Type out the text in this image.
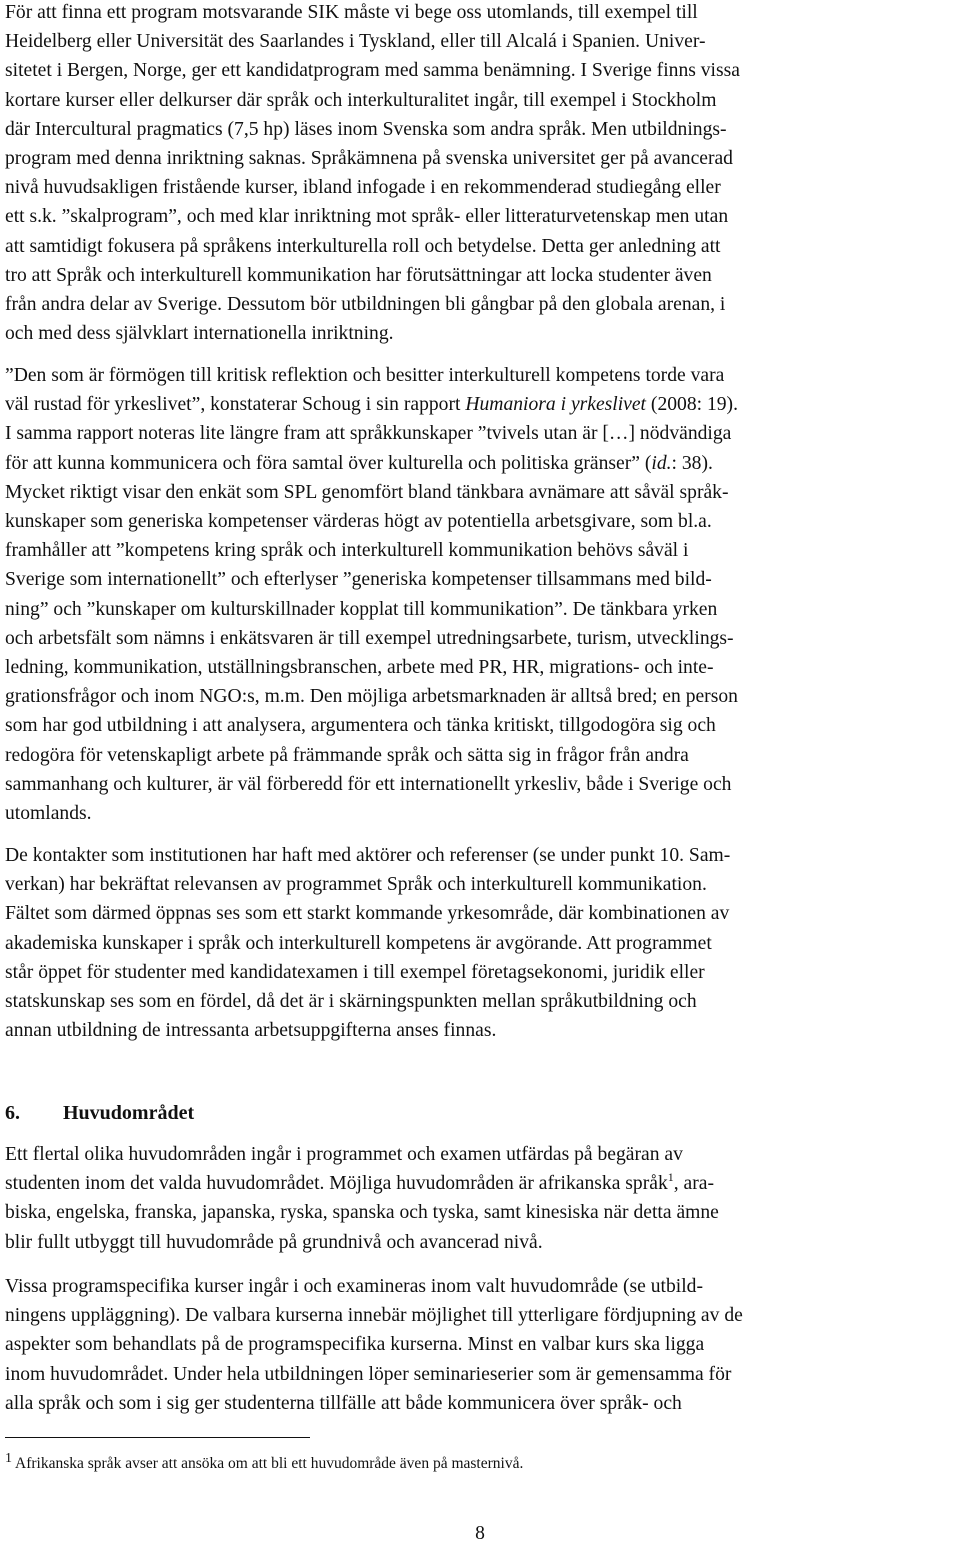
För att finna ett program motsvarande SIK måste vi bege oss utomlands, till exempel till
Heidelberg eller Universität des Saarlandes i Tyskland, eller till Alcalá i Spanien. Univer-
sitetet i Bergen, Norge, ger ett kandidatprogram med samma benämning. I Sverige finns vissa
kortare kurser eller delkurser där språk och interkulturalitet ingår, till exempel i Stockholm
där Intercultural pragmatics (7,5 hp) läses inom Svenska som andra språk. Men utbildnings-
program med denna inriktning saknas. Språkämnena på svenska universitet ger på avancerad
nivå huvudsakligen fristående kurser, ibland infogade i en rekommenderad studiegång eller
ett s.k. ”skalprogram”, och med klar inriktning mot språk- eller litteraturvetenskap men utan
att samtidigt fokusera på språkens interkulturella roll och betydelse. Detta ger anledning att
tro att Språk och interkulturell kommunikation har förutsättningar att locka studenter även
från andra delar av Sverige. Dessutom bör utbildningen bli gångbar på den globala arenan, i
och med dess självklart internationella inriktning.

”Den som är förmögen till kritisk reflektion och besitter interkulturell kompetens torde vara
väl rustad för yrkeslivet”, konstaterar Schoug i sin rapport Humaniora i yrkeslivet (2008: 19).
I samma rapport noteras lite längre fram att språkkunskaper ”tvivels utan är […] nödvändiga
för att kunna kommunicera och föra samtal över kulturella och politiska gränser” (id.: 38).
Mycket riktigt visar den enkät som SPL genomfört bland tänkbara avnämare att såväl språk-
kunskaper som generiska kompetenser värderas högt av potentiella arbetsgivare, som bl.a.
framhåller att ”kompetens kring språk och interkulturell kommunikation behövs såväl i
Sverige som internationellt” och efterlyser ”generiska kompetenser tillsammans med bild-
ning” och ”kunskaper om kulturskillnader kopplat till kommunikation”. De tänkbara yrken
och arbetsfält som nämns i enkätsvaren är till exempel utredningsarbete, turism, utvecklings-
ledning, kommunikation, utställningsbranschen, arbete med PR, HR, migrations- och inte-
grationsfrågor och inom NGO:s, m.m. Den möjliga arbetsmarknaden är alltså bred; en person
som har god utbildning i att analysera, argumentera och tänka kritiskt, tillgodogöra sig och
redogöra för vetenskapligt arbete på främmande språk och sätta sig in frågor från andra
sammanhang och kulturer, är väl förberedd för ett internationellt yrkesliv, både i Sverige och
utomlands.

De kontakter som institutionen har haft med aktörer och referenser (se under punkt 10. Sam-
verkan) har bekräftat relevansen av programmet Språk och interkulturell kommunikation.
Fältet som därmed öppnas ses som ett starkt kommande yrkesområde, där kombinationen av
akademiska kunskaper i språk och interkulturell kompetens är avgörande. Att programmet
står öppet för studenter med kandidatexamen i till exempel företagsekonomi, juridik eller
statskunskap ses som en fördel, då det är i skärningspunkten mellan språkutbildning och
annan utbildning de intressanta arbetsuppgifterna anses finnas.

6. Huvudområdet

Ett flertal olika huvudområden ingår i programmet och examen utfärdas på begäran av
studenten inom det valda huvudområdet. Möjliga huvudområden är afrikanska språk$^1$, ara-
biska, engelska, franska, japanska, ryska, spanska och tyska, samt kinesiska när detta ämne
blir fullt utbyggt till huvudområde på grundnivå och avancerad nivå.

Vissa programspecifika kurser ingår i och examineras inom valt huvudområde (se utbild-
ningens uppläggning). De valbara kurserna innebär möjlighet till ytterligare fördjupning av de
aspekter som behandlats på de programspecifika kurserna. Minst en valbar kurs ska ligga
inom huvudområdet. Under hela utbildningen löper seminarieserier som är gemensamma för
alla språk och som i sig ger studenterna tillfälle att både kommunicera över språk- och

1 Afrikanska språk avser att ansöka om att bli ett huvudområde även på masternivå.

8
